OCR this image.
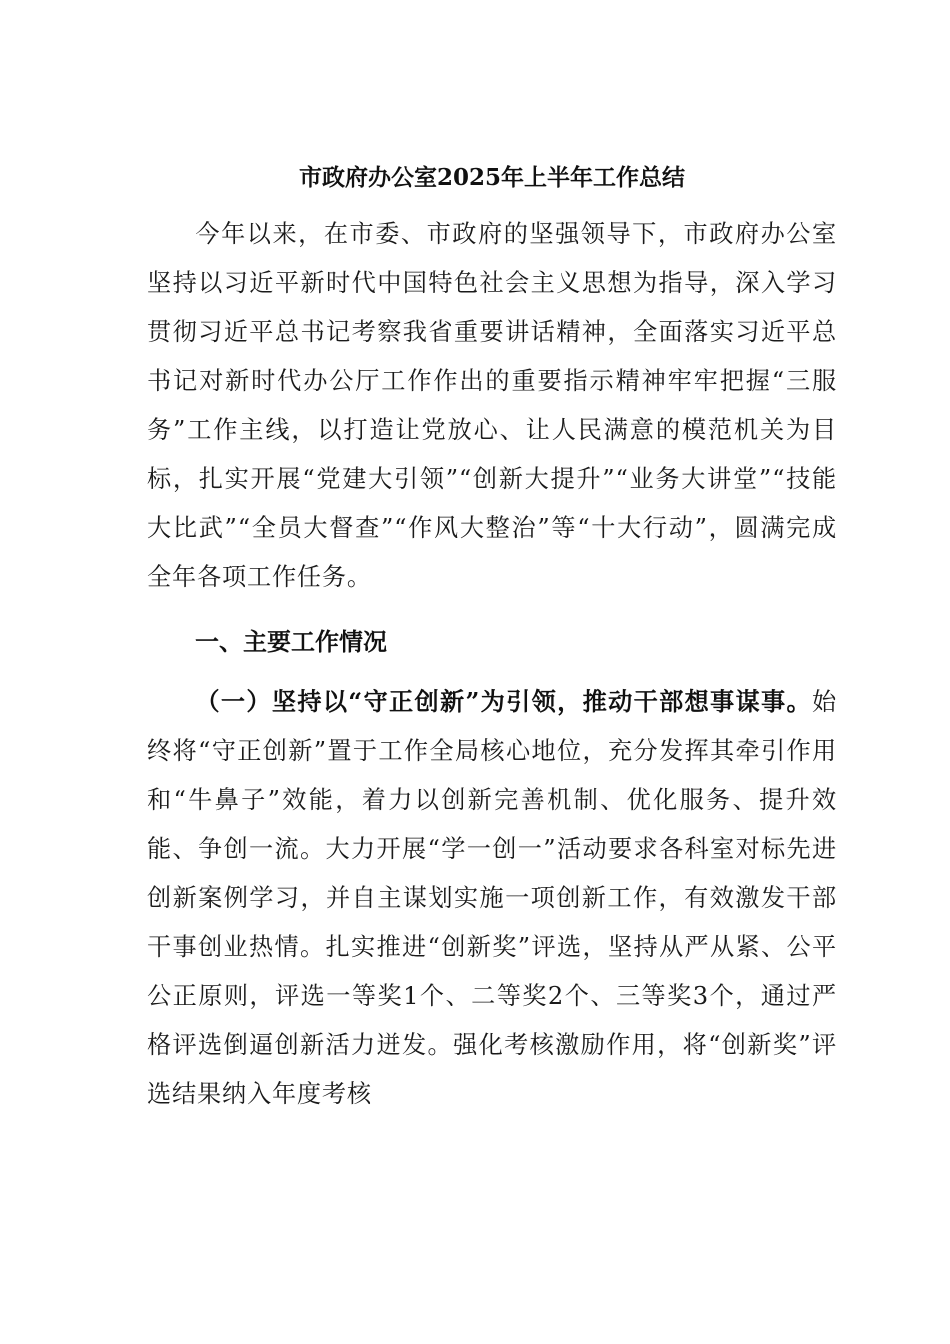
市政府办公室2025年上半年工作总结

今年以来，在市委、市政府的坚强领导下，市政府办公室坚持以习近平新时代中国特色社会主义思想为指导，深入学习贯彻习近平总书记考察我省重要讲话精神，全面落实习近平总书记对新时代办公厅工作作出的重要指示精神牢牢把握“三服务”工作主线，以打造让党放心、让人民满意的模范机关为目标，扎实开展“党建大引领”“创新大提升”“业务大讲堂”“技能大比武”“全员大督查”“作风大整治”等“十大行动”，圆满完成全年各项工作任务。

一、主要工作情况

（一）坚持以“守正创新”为引领，推动干部想事谋事。始终将“守正创新”置于工作全局核心地位，充分发挥其牵引作用和“牛鼻子”效能，着力以创新完善机制、优化服务、提升效能、争创一流。大力开展“学一创一”活动要求各科室对标先进创新案例学习，并自主谋划实施一项创新工作，有效激发干部干事创业热情。扎实推进“创新奖”评选，坚持从严从紧、公平公正原则，评选一等奖1个、二等奖2个、三等奖3个，通过严格评选倒逼创新活力迸发。强化考核激励作用，将“创新奖”评选结果纳入年度考核
